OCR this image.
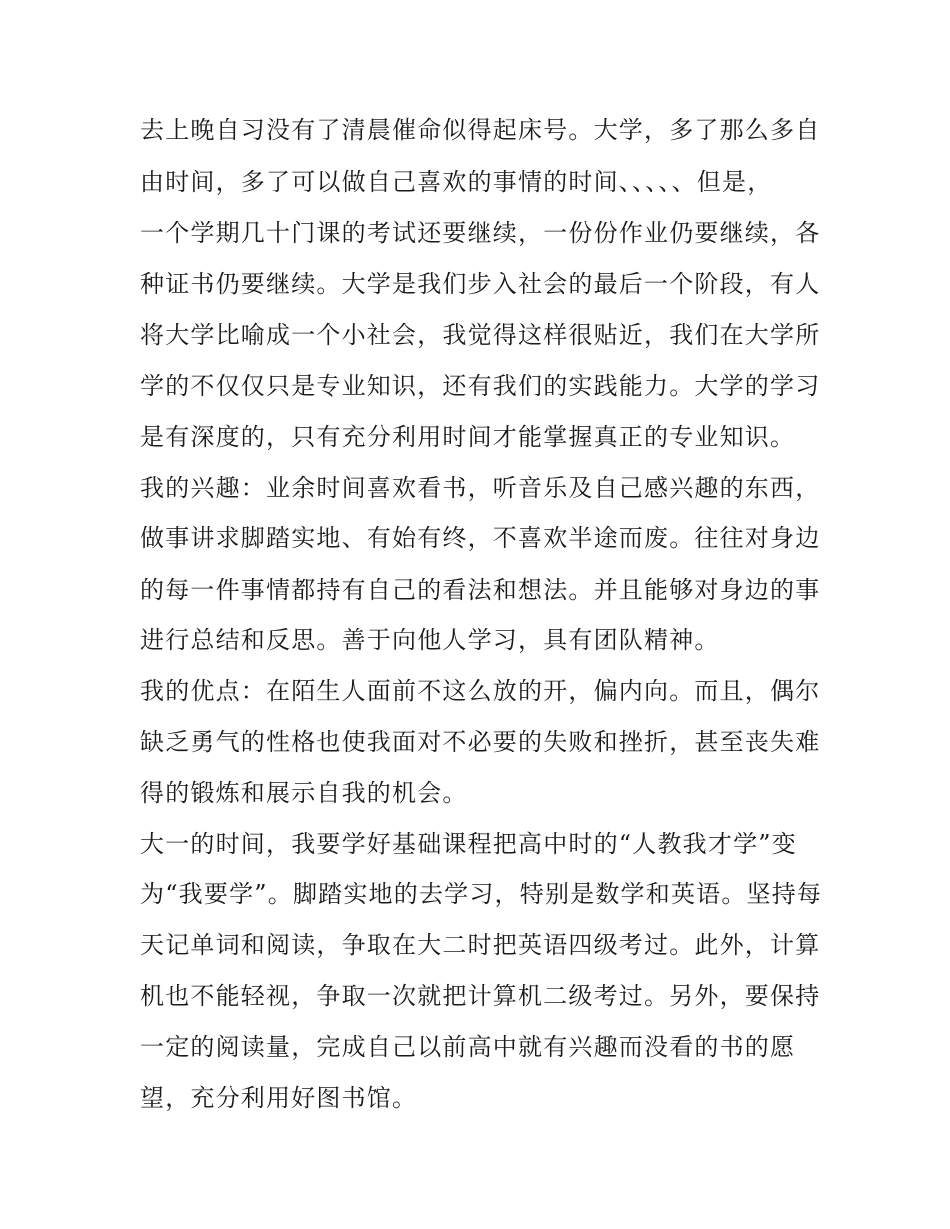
去上晚自习没有了清晨催命似得起床号。大学，多了那么多自
由时间，多了可以做自己喜欢的事情的时间、、、、、但是，
一个学期几十门课的考试还要继续，一份份作业仍要继续，各
种证书仍要继续。大学是我们步入社会的最后一个阶段，有人
将大学比喻成一个小社会，我觉得这样很贴近，我们在大学所
学的不仅仅只是专业知识，还有我们的实践能力。大学的学习
是有深度的，只有充分利用时间才能掌握真正的专业知识。
我的兴趣：业余时间喜欢看书，听音乐及自己感兴趣的东西，
做事讲求脚踏实地、有始有终，不喜欢半途而废。往往对身边
的每一件事情都持有自己的看法和想法。并且能够对身边的事
进行总结和反思。善于向他人学习，具有团队精神。
我的优点：在陌生人面前不这么放的开，偏内向。而且，偶尔
缺乏勇气的性格也使我面对不必要的失败和挫折，甚至丧失难
得的锻炼和展示自我的机会。
大一的时间，我要学好基础课程把高中时的“人教我才学”变
为“我要学”。脚踏实地的去学习，特别是数学和英语。坚持每
天记单词和阅读，争取在大二时把英语四级考过。此外，计算
机也不能轻视，争取一次就把计算机二级考过。另外，要保持
一定的阅读量，完成自己以前高中就有兴趣而没看的书的愿
望，充分利用好图书馆。
